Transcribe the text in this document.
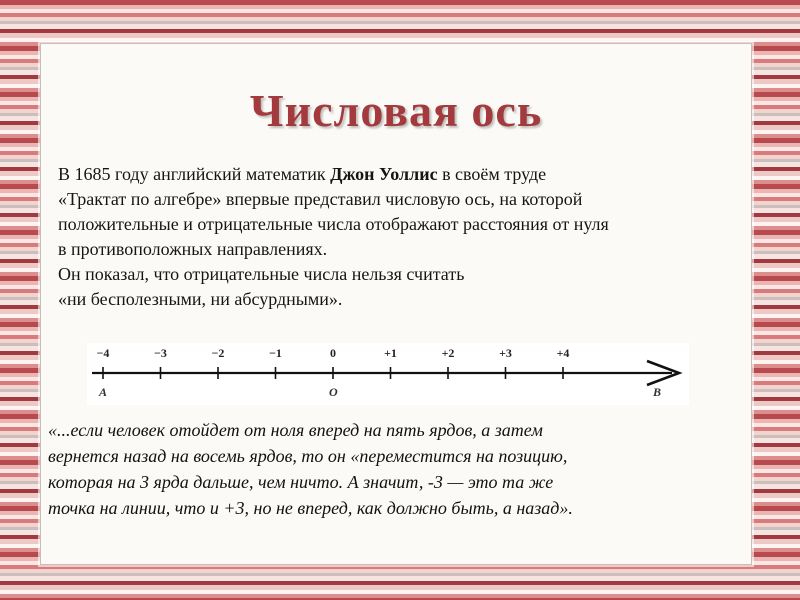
Числовая ось

В 1685 году английский математик Джон Уоллис в своём труде

«Трактат по алгебре» впервые представил числовую ось, на которой

положительные и отрицательные числа отображают расстояния от нуля

в противоположных направлениях.

Он показал, что отрицательные числа нельзя считать

«ни бесполезными, ни абсурдными».

−4	−3	−2	−1	0	+1	+2	+3	+4
A	O	B

«...если человек отойдет от ноля вперед на пять ярдов, а затем

вернется назад на восемь ярдов, то он «переместится на позицию,

которая на 3 ярда дальше, чем ничто. А значит, -3 — это та же

точка на линии, что и +3, но не вперед, как должно быть, а назад».
